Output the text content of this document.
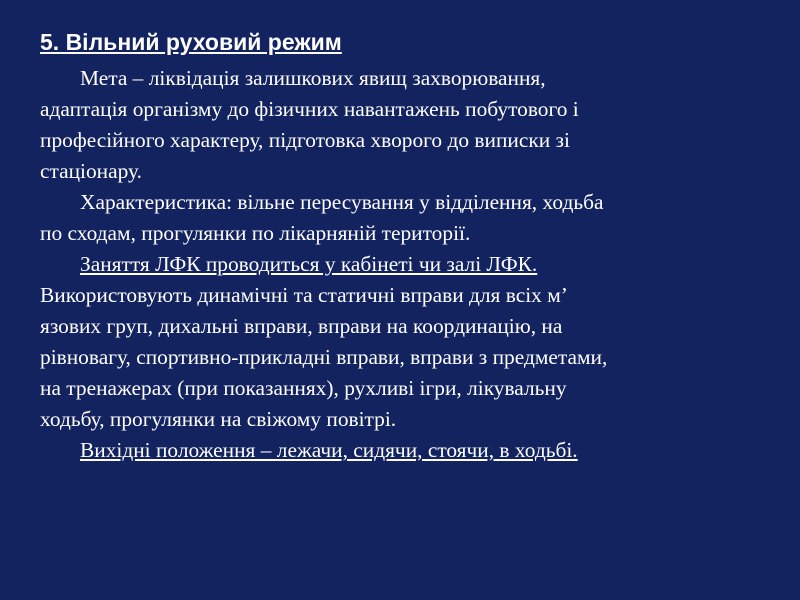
5. Вільний руховий режим
Мета – ліквідація залишкових явищ захворювання,
адаптація організму до фізичних навантажень побутового і
професійного характеру, підготовка хворого до виписки зі
стаціонару.
Характеристика: вільне пересування у відділення, ходьба
по сходам, прогулянки по лікарняній території.
Заняття ЛФК проводиться у кабінеті чи залі ЛФК.
Використовують динамічні та статичні вправи для всіх м’
язових груп, дихальні вправи, вправи на координацію, на
рівновагу, спортивно-прикладні вправи, вправи з предметами,
на тренажерах (при показаннях), рухливі ігри, лікувальну
ходьбу, прогулянки на свіжому повітрі.
Вихідні положення – лежачи, сидячи, стоячи, в ходьбі.
